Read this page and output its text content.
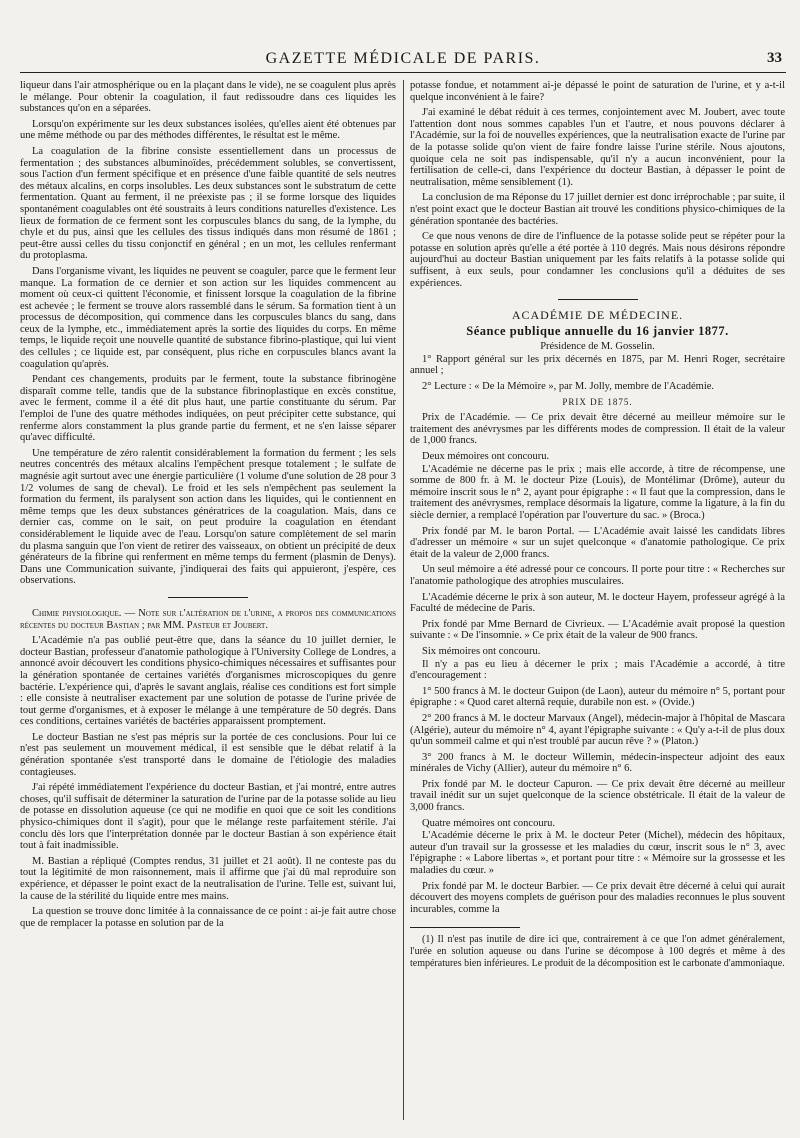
GAZETTE MÉDICALE DE PARIS.	33

liqueur dans l'air atmosphérique ou en la plaçant dans le vide), ne se coagulent plus après le mélange. Pour obtenir la coagulation, il faut redissoudre dans ces liquides les substances qu'on en a séparées.

Lorsqu'on expérimente sur les deux substances isolées, qu'elles aient été obtenues par une même méthode ou par des méthodes différentes, le résultat est le même.

La coagulation de la fibrine consiste essentiellement dans un processus de fermentation ; des substances albuminoïdes, précédemment solubles, se convertissent, sous l'action d'un ferment spécifique et en présence d'une faible quantité de sels neutres des métaux alcalins, en corps insolubles. Les deux substances sont le substratum de cette fermentation. Quant au ferment, il ne préexiste pas ; il se forme lorsque des liquides spontanément coagulables ont été soustraits à leurs conditions naturelles d'existence. Les lieux de formation de ce ferment sont les corpuscules blancs du sang, de la lymphe, du chyle et du pus, ainsi que les cellules des tissus indiqués dans mon résumé de 1861 ; peut-être aussi celles du tissu conjonctif en général ; en un mot, les cellules renfermant du protoplasma.

Dans l'organisme vivant, les liquides ne peuvent se coaguler, parce que le ferment leur manque. La formation de ce dernier et son action sur les liquides commencent au moment où ceux-ci quittent l'économie, et finissent lorsque la coagulation de la fibrine est achevée ; le ferment se trouve alors rassemblé dans le sérum. Sa formation tient à un processus de décomposition, qui commence dans les corpuscules blancs du sang, dans ceux de la lymphe, etc., immédiatement après la sortie des liquides du corps. En même temps, le liquide reçoit une nouvelle quantité de substance fibrino-plastique, qui lui vient des cellules ; ce liquide est, par conséquent, plus riche en corpuscules blancs avant la coagulation qu'après.

Pendant ces changements, produits par le ferment, toute la substance fibrinogène disparaît comme telle, tandis que de la substance fibrinoplastique en excès constitue, avec le ferment, comme il a été dit plus haut, une partie constituante du sérum. Par l'emploi de l'une des quatre méthodes indiquées, on peut précipiter cette substance, qui renferme alors constamment la plus grande partie du ferment, et ne s'en laisse séparer qu'avec difficulté.

Une température de zéro ralentit considérablement la formation du ferment ; les sels neutres concentrés des métaux alcalins l'empêchent presque totalement ; le sulfate de magnésie agit surtout avec une énergie particulière (1 volume d'une solution de 28 pour 3 1/2 volumes de sang de cheval). Le froid et les sels n'empêchent pas seulement la formation du ferment, ils paralysent son action dans les liquides, qui le contiennent en même temps que les deux substances génératrices de la coagulation. Mais, dans ce dernier cas, comme on le sait, on peut produire la coagulation en étendant considérablement le liquide avec de l'eau. Lorsqu'on sature complètement de sel marin du plasma sanguin que l'on vient de retirer des vaisseaux, on obtient un précipité de deux générateurs de la fibrine qui renferment en même temps du ferment (plasmin de Denys). Dans une Communication suivante, j'indiquerai des faits qui appuieront, j'espère, ces observations.

Chimie physiologique. — Note sur l'altération de l'urine, a propos des communications récentes du docteur Bastian ; par MM. Pasteur et Joubert.

L'Académie n'a pas oublié peut-être que, dans la séance du 10 juillet dernier, le docteur Bastian, professeur d'anatomie pathologique à l'University College de Londres, a annoncé avoir découvert les conditions physico-chimiques nécessaires et suffisantes pour la génération spontanée de certaines variétés d'organismes microscopiques du genre bactérie. L'expérience qui, d'après le savant anglais, réalise ces conditions est fort simple : elle consiste à neutraliser exactement par une solution de potasse de l'urine privée de tout germe d'organismes, et à exposer le mélange à une température de 50 degrés. Dans ces conditions, certaines variétés de bactéries apparaissent promptement.

Le docteur Bastian ne s'est pas mépris sur la portée de ces conclusions. Pour lui ce n'est pas seulement un mouvement médical, il est sensible que le débat relatif à la génération spontanée s'est transporté dans le domaine de l'étiologie des maladies contagieuses.

J'ai répété immédiatement l'expérience du docteur Bastian, et j'ai montré, entre autres choses, qu'il suffisait de déterminer la saturation de l'urine par de la potasse solide au lieu de potasse en dissolution aqueuse (ce qui ne modifie en quoi que ce soit les conditions physico-chimiques dont il s'agit), pour que le mélange reste parfaitement stérile. J'ai conclu dès lors que l'interprétation donnée par le docteur Bastian à son expérience était tout à fait inadmissible.

M. Bastian a répliqué (Comptes rendus, 31 juillet et 21 août). Il ne conteste pas du tout la légitimité de mon raisonnement, mais il affirme que j'ai dû mal reproduire son expérience, et dépasser le point exact de la neutralisation de l'urine. Telle est, suivant lui, la cause de la stérilité du liquide entre mes mains.

La question se trouve donc limitée à la connaissance de ce point : ai-je fait autre chose que de remplacer la potasse en solution par de la

potasse fondue, et notamment ai-je dépassé le point de saturation de l'urine, et y a-t-il quelque inconvénient à le faire?

J'ai examiné le débat réduit à ces termes, conjointement avec M. Joubert, avec toute l'attention dont nous sommes capables l'un et l'autre, et nous pouvons déclarer à l'Académie, sur la foi de nouvelles expériences, que la neutralisation exacte de l'urine par de la potasse solide qu'on vient de faire fondre laisse l'urine stérile. Nous ajoutons, quoique cela ne soit pas indispensable, qu'il n'y a aucun inconvénient, pour la fertilisation de celle-ci, dans l'expérience du docteur Bastian, à dépasser le point de neutralisation, même sensiblement (1).

La conclusion de ma Réponse du 17 juillet dernier est donc irréprochable ; par suite, il n'est point exact que le docteur Bastian ait trouvé les conditions physico-chimiques de la génération spontanée des bactéries.

Ce que nous venons de dire de l'influence de la potasse solide peut se répéter pour la potasse en solution après qu'elle a été portée à 110 degrés. Mais nous désirons répondre aujourd'hui au docteur Bastian uniquement par les faits relatifs à la potasse solide qui suffisent, à eux seuls, pour condamner les conclusions qu'il a déduites de ses expériences.

ACADÉMIE DE MÉDECINE.

Séance publique annuelle du 16 janvier 1877.

Présidence de M. Gosselin.

1° Rapport général sur les prix décernés en 1875, par M. Henri Roger, secrétaire annuel ;

2° Lecture : « De la Mémoire », par M. Jolly, membre de l'Académie.

PRIX DE 1875.

Prix de l'Académie. — Ce prix devait être décerné au meilleur mémoire sur le traitement des anévrysmes par les différents modes de compression. Il était de la valeur de 1,000 francs.

Deux mémoires ont concouru.

L'Académie ne décerne pas le prix ; mais elle accorde, à titre de récompense, une somme de 800 fr. à M. le docteur Pize (Louis), de Montélimar (Drôme), auteur du mémoire inscrit sous le n° 2, ayant pour épigraphe : « Il faut que la compression, dans le traitement des anévrysmes, remplace désormais la ligature, comme la ligature, à la fin du siècle dernier, a remplacé l'opération par l'ouverture du sac. » (Broca.)

Prix fondé par M. le baron Portal. — L'Académie avait laissé les candidats libres d'adresser un mémoire « sur un sujet quelconque « d'anatomie pathologique. Ce prix était de la valeur de 2,000 francs.

Un seul mémoire a été adressé pour ce concours. Il porte pour titre : « Recherches sur l'anatomie pathologique des atrophies musculaires.

L'Académie décerne le prix à son auteur, M. le docteur Hayem, professeur agrégé à la Faculté de médecine de Paris.

Prix fondé par Mme Bernard de Civrieux. — L'Académie avait proposé la question suivante : « De l'insomnie. » Ce prix était de la valeur de 900 francs.

Six mémoires ont concouru.

Il n'y a pas eu lieu à décerner le prix ; mais l'Académie a accordé, à titre d'encouragement :

1° 500 francs à M. le docteur Guipon (de Laon), auteur du mémoire n° 5, portant pour épigraphe : « Quod caret alternâ requie, durabile non est. » (Ovide.)

2° 200 francs à M. le docteur Marvaux (Angel), médecin-major à l'hôpital de Mascara (Algérie), auteur du mémoire n° 4, ayant l'épigraphe suivante : « Qu'y a-t-il de plus doux qu'un sommeil calme et qui n'est troublé par aucun rêve ? » (Platon.)

3° 200 francs à M. le docteur Willemin, médecin-inspecteur adjoint des eaux minérales de Vichy (Allier), auteur du mémoire n° 6.

Prix fondé par M. le docteur Capuron. — Ce prix devait être décerné au meilleur travail inédit sur un sujet quelconque de la science obstétricale. Il était de la valeur de 3,000 francs.

Quatre mémoires ont concouru.

L'Académie décerne le prix à M. le docteur Peter (Michel), médecin des hôpitaux, auteur d'un travail sur la grossesse et les maladies du cœur, inscrit sous le n° 3, avec l'épigraphe : « Labore libertas », et portant pour titre : « Mémoire sur la grossesse et les maladies du cœur. »

Prix fondé par M. le docteur Barbier. — Ce prix devait être décerné à celui qui aurait découvert des moyens complets de guérison pour des maladies reconnues le plus souvent incurables, comme la

(1) Il n'est pas inutile de dire ici que, contrairement à ce que l'on admet généralement, l'urée en solution aqueuse ou dans l'urine se décompose à 100 degrés et même à des températures bien inférieures. Le produit de la décomposition est le carbonate d'ammoniaque.
